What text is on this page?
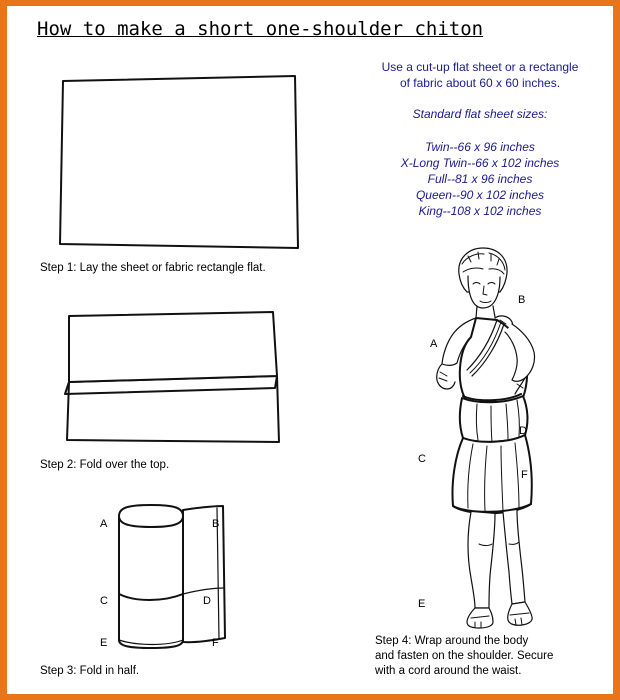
How to make a short one-shoulder chiton
Step 1: Lay the sheet or fabric rectangle flat.
Step 2: Fold over the top.
A	B
C	D
E	F
Step 3: Fold in half.
Use a cut-up flat sheet or a rectangle
of fabric about 60 x 60 inches.
Standard flat sheet sizes:
Twin--66 x 96 inches
X-Long Twin--66 x 102 inches
Full--81 x 96 inches
Queen--90 x 102 inches
King--108 x 102 inches
A
B
C
D
E
F
Step 4: Wrap around the body
and fasten on the shoulder. Secure
with a cord around the waist.
